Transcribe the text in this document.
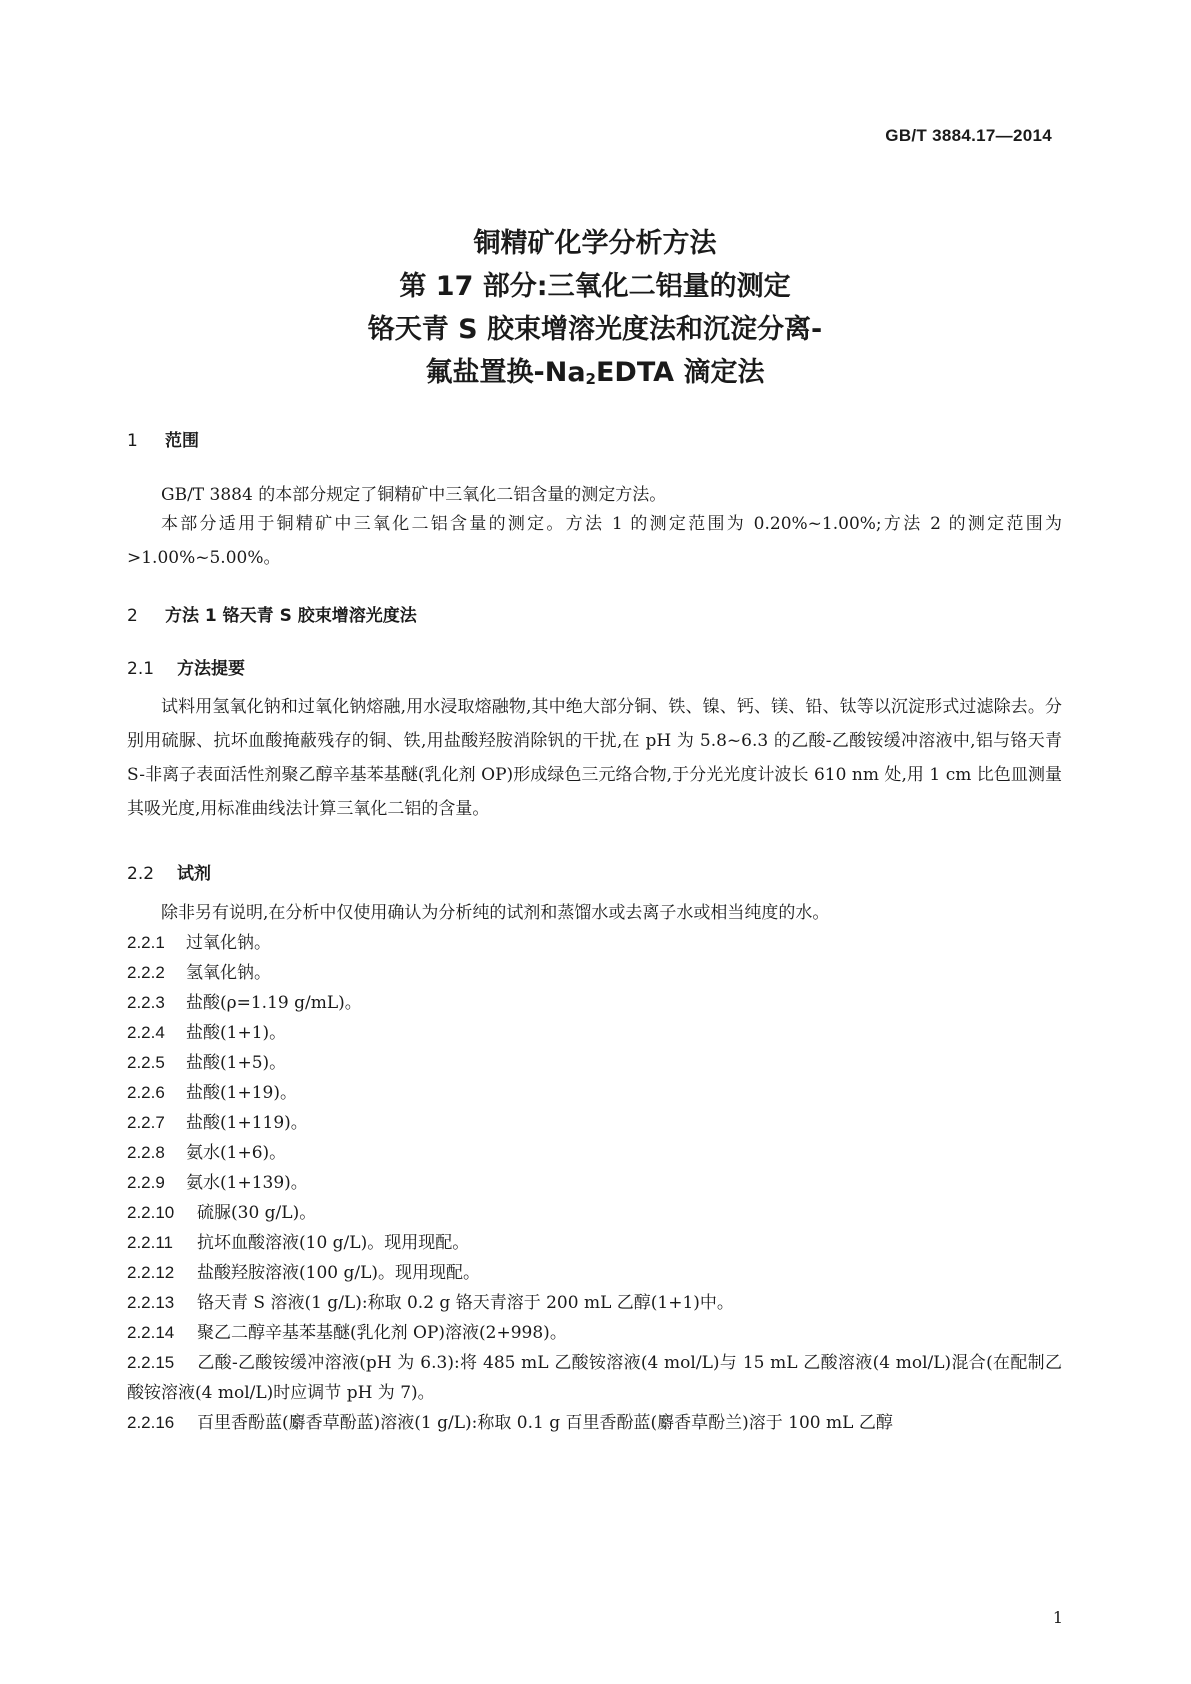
GB/T 3884.17—2014
铜精矿化学分析方法
第 17 部分:三氧化二铝量的测定
铬天青 S 胶束增溶光度法和沉淀分离-
氟盐置换-Na2EDTA 滴定法
1 范围
GB/T 3884 的本部分规定了铜精矿中三氧化二铝含量的测定方法。
本部分适用于铜精矿中三氧化二铝含量的测定。方法 1 的测定范围为 0.20%~1.00%;方法 2 的测定范围为>1.00%~5.00%。
2 方法 1 铬天青 S 胶束增溶光度法
2.1 方法提要
试料用氢氧化钠和过氧化钠熔融,用水浸取熔融物,其中绝大部分铜、铁、镍、钙、镁、铅、钛等以沉淀形式过滤除去。分别用硫脲、抗坏血酸掩蔽残存的铜、铁,用盐酸羟胺消除钒的干扰,在 pH 为 5.8~6.3 的乙酸-乙酸铵缓冲溶液中,铝与铬天青 S-非离子表面活性剂聚乙醇辛基苯基醚(乳化剂 OP)形成绿色三元络合物,于分光光度计波长 610 nm 处,用 1 cm 比色皿测量其吸光度,用标准曲线法计算三氧化二铝的含量。
2.2 试剂
除非另有说明,在分析中仅使用确认为分析纯的试剂和蒸馏水或去离子水或相当纯度的水。
2.2.1 过氧化钠。
2.2.2 氢氧化钠。
2.2.3 盐酸(ρ=1.19 g/mL)。
2.2.4 盐酸(1+1)。
2.2.5 盐酸(1+5)。
2.2.6 盐酸(1+19)。
2.2.7 盐酸(1+119)。
2.2.8 氨水(1+6)。
2.2.9 氨水(1+139)。
2.2.10 硫脲(30 g/L)。
2.2.11 抗坏血酸溶液(10 g/L)。现用现配。
2.2.12 盐酸羟胺溶液(100 g/L)。现用现配。
2.2.13 铬天青 S 溶液(1 g/L):称取 0.2 g 铬天青溶于 200 mL 乙醇(1+1)中。
2.2.14 聚乙二醇辛基苯基醚(乳化剂 OP)溶液(2+998)。
2.2.15 乙酸-乙酸铵缓冲溶液(pH 为 6.3):将 485 mL 乙酸铵溶液(4 mol/L)与 15 mL 乙酸溶液(4 mol/L)混合(在配制乙酸铵溶液(4 mol/L)时应调节 pH 为 7)。
2.2.16 百里香酚蓝(麝香草酚蓝)溶液(1 g/L):称取 0.1 g 百里香酚蓝(麝香草酚兰)溶于 100 mL 乙醇
1
